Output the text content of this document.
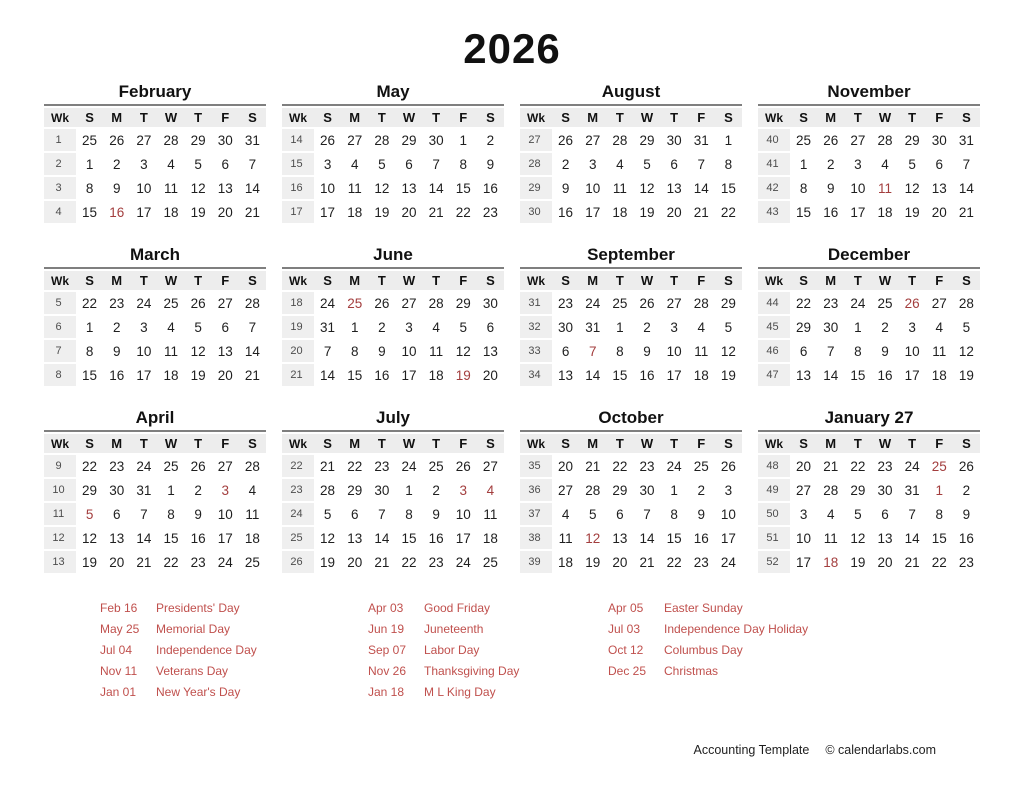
2026
February
Wk	S	M	T	W	T	F	S
1	25	26	27	28	29	30	31
2	1	2	3	4	5	6	7
3	8	9	10	11	12	13	14
4	15	16	17	18	19	20	21
May
Wk	S	M	T	W	T	F	S
14	26	27	28	29	30	1	2
15	3	4	5	6	7	8	9
16	10	11	12	13	14	15	16
17	17	18	19	20	21	22	23
August
Wk	S	M	T	W	T	F	S
27	26	27	28	29	30	31	1
28	2	3	4	5	6	7	8
29	9	10	11	12	13	14	15
30	16	17	18	19	20	21	22
November
Wk	S	M	T	W	T	F	S
40	25	26	27	28	29	30	31
41	1	2	3	4	5	6	7
42	8	9	10	11	12	13	14
43	15	16	17	18	19	20	21
March
Wk	S	M	T	W	T	F	S
5	22	23	24	25	26	27	28
6	1	2	3	4	5	6	7
7	8	9	10	11	12	13	14
8	15	16	17	18	19	20	21
June
Wk	S	M	T	W	T	F	S
18	24	25	26	27	28	29	30
19	31	1	2	3	4	5	6
20	7	8	9	10	11	12	13
21	14	15	16	17	18	19	20
September
Wk	S	M	T	W	T	F	S
31	23	24	25	26	27	28	29
32	30	31	1	2	3	4	5
33	6	7	8	9	10	11	12
34	13	14	15	16	17	18	19
December
Wk	S	M	T	W	T	F	S
44	22	23	24	25	26	27	28
45	29	30	1	2	3	4	5
46	6	7	8	9	10	11	12
47	13	14	15	16	17	18	19
April
Wk	S	M	T	W	T	F	S
9	22	23	24	25	26	27	28
10	29	30	31	1	2	3	4
11	5	6	7	8	9	10	11
12	12	13	14	15	16	17	18
13	19	20	21	22	23	24	25
July
Wk	S	M	T	W	T	F	S
22	21	22	23	24	25	26	27
23	28	29	30	1	2	3	4
24	5	6	7	8	9	10	11
25	12	13	14	15	16	17	18
26	19	20	21	22	23	24	25
October
Wk	S	M	T	W	T	F	S
35	20	21	22	23	24	25	26
36	27	28	29	30	1	2	3
37	4	5	6	7	8	9	10
38	11	12	13	14	15	16	17
39	18	19	20	21	22	23	24
January 27
Wk	S	M	T	W	T	F	S
48	20	21	22	23	24	25	26
49	27	28	29	30	31	1	2
50	3	4	5	6	7	8	9
51	10	11	12	13	14	15	16
52	17	18	19	20	21	22	23
Feb 16	Presidents' Day
May 25	Memorial Day
Jul 04	Independence Day
Nov 11	Veterans Day
Jan 01	New Year's Day
Apr 03	Good Friday
Jun 19	Juneteenth
Sep 07	Labor Day
Nov 26	Thanksgiving Day
Jan 18	M L King Day
Apr 05	Easter Sunday
Jul 03	Independence Day Holiday
Oct 12	Columbus Day
Dec 25	Christmas
Accounting Template © calendarlabs.com
